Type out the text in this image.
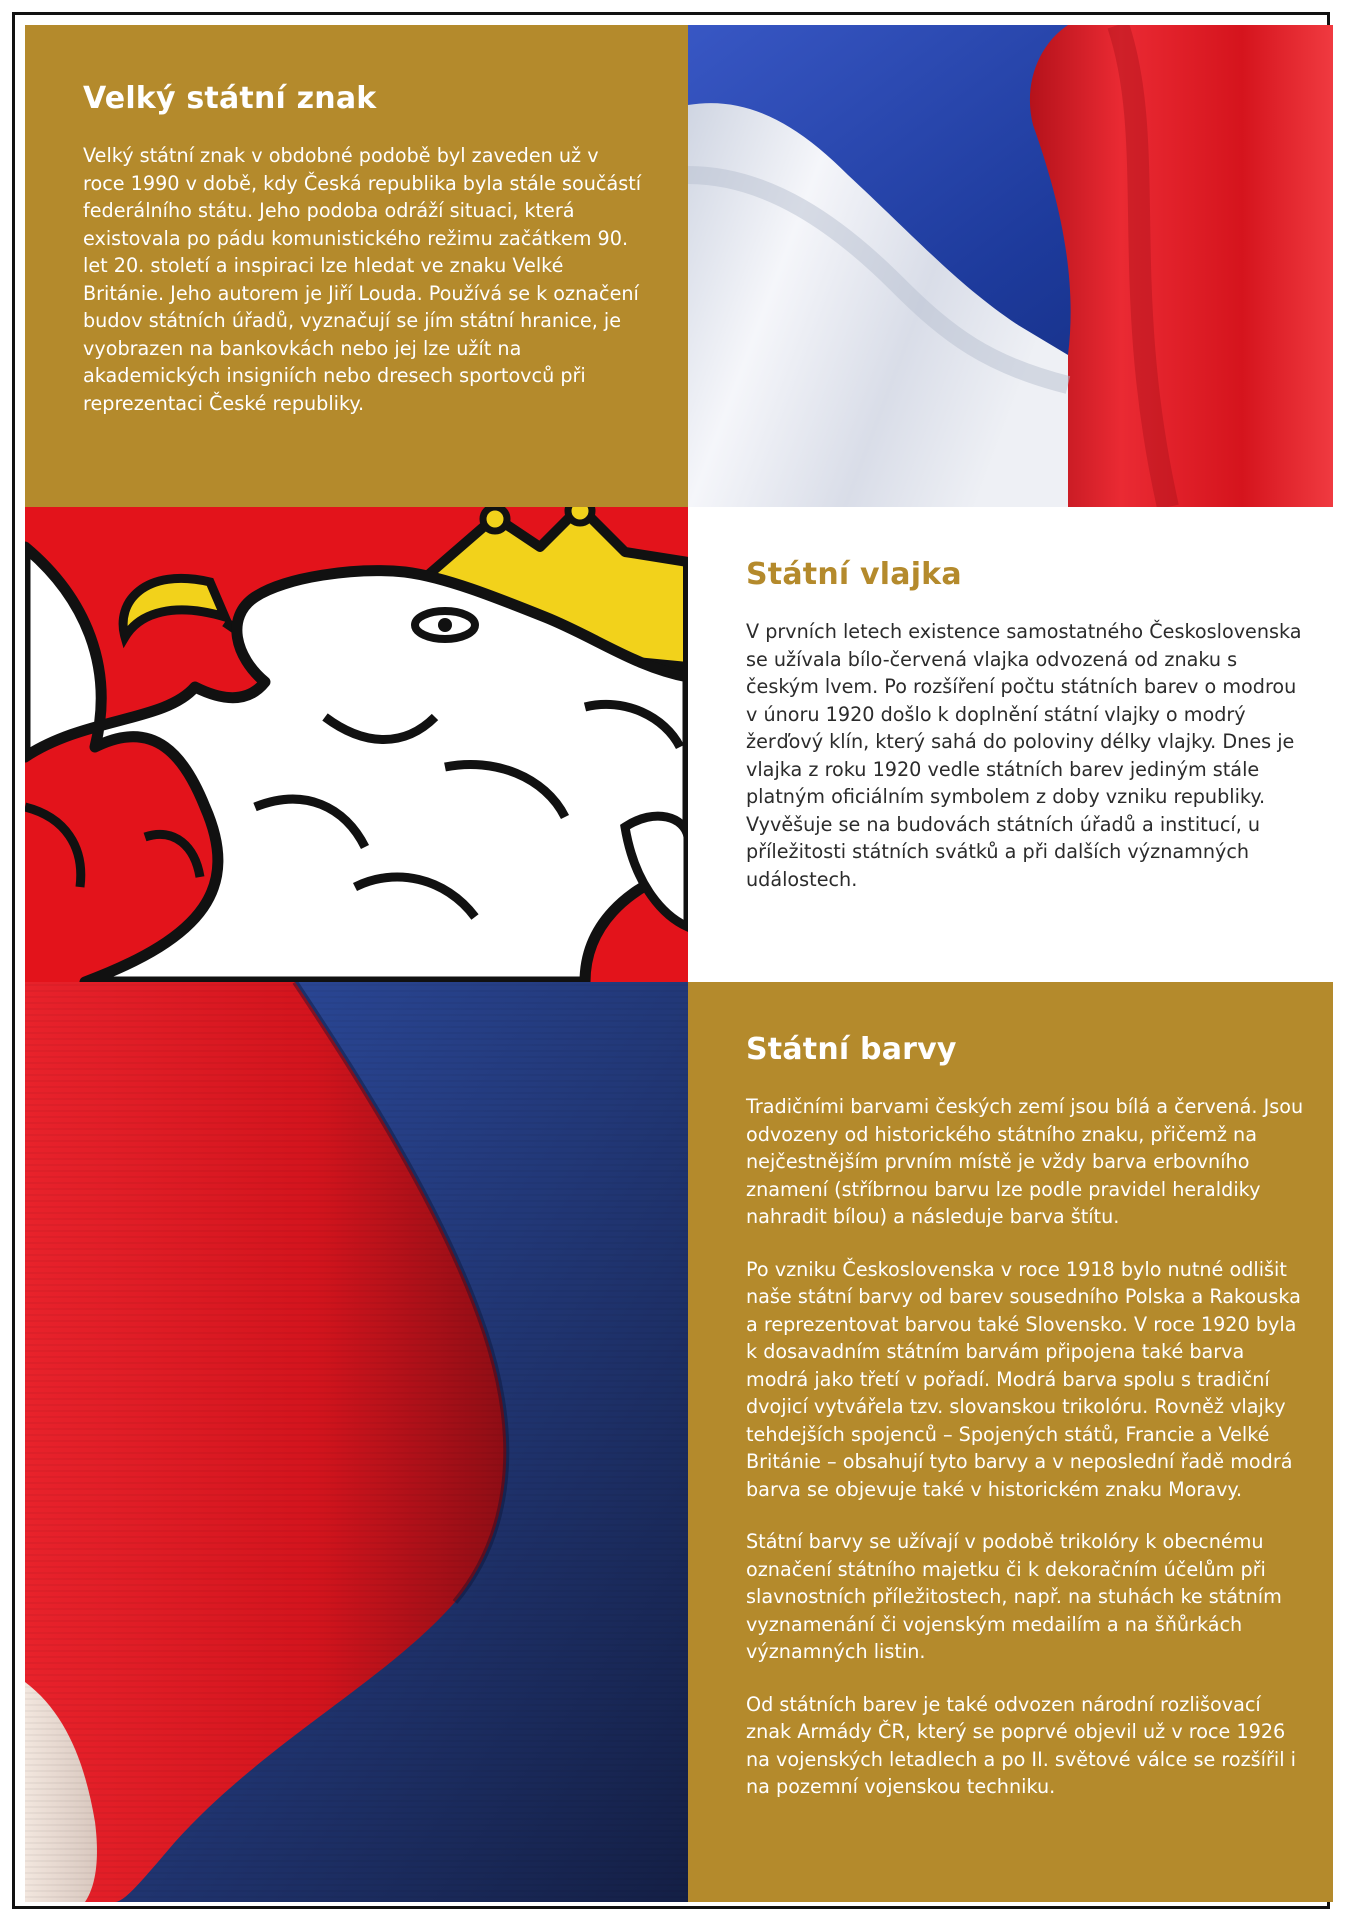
Velký státní znak

Velký státní znak v obdobné podobě byl zaveden už v roce 1990 v době, kdy Česká republika byla stále součástí federálního státu. Jeho podoba odráží situaci, která existovala po pádu komunistického režimu začátkem 90. let 20. století a inspiraci lze hledat ve znaku Velké Británie. Jeho autorem je Jiří Louda. Používá se k označení budov státních úřadů, vyznačují se jím státní hranice, je vyobrazen na bankovkách nebo jej lze užít na akademických insigniích nebo dresech sportovců při reprezentaci České republiky.

Státní vlajka

V prvních letech existence samostatného Československa se užívala bílo-červená vlajka odvozená od znaku s českým lvem. Po rozšíření počtu státních barev o modrou v únoru 1920 došlo k doplnění státní vlajky o modrý žerďový klín, který sahá do poloviny délky vlajky. Dnes je vlajka z roku 1920 vedle státních barev jediným stále platným oficiálním symbolem z doby vzniku republiky. Vyvěšuje se na budovách státních úřadů a institucí, u příležitosti státních svátků a při dalších významných událostech.

Státní barvy

Tradičními barvami českých zemí jsou bílá a červená. Jsou odvozeny od historického státního znaku, přičemž na nejčestnějším prvním místě je vždy barva erbovního znamení (stříbrnou barvu lze podle pravidel heraldiky nahradit bílou) a následuje barva štítu.

Po vzniku Československa v roce 1918 bylo nutné odlišit naše státní barvy od barev sousedního Polska a Rakouska a reprezentovat barvou také Slovensko. V roce 1920 byla k dosavadním státním barvám připojena také barva modrá jako třetí v pořadí. Modrá barva spolu s tradiční dvojicí vytvářela tzv. slovanskou trikolóru. Rovněž vlajky tehdejších spojenců – Spojených států, Francie a Velké Británie – obsahují tyto barvy a v neposlední řadě modrá barva se objevuje také v historickém znaku Moravy.

Státní barvy se užívají v podobě trikolóry k obecnému označení státního majetku či k dekoračním účelům při slavnostních příležitostech, např. na stuhách ke státním vyznamenání či vojenským medailím a na šňůrkách významných listin.

Od státních barev je také odvozen národní rozlišovací znak Armády ČR, který se poprvé objevil už v roce 1926 na vojenských letadlech a po II. světové válce se rozšířil i na pozemní vojenskou techniku.
